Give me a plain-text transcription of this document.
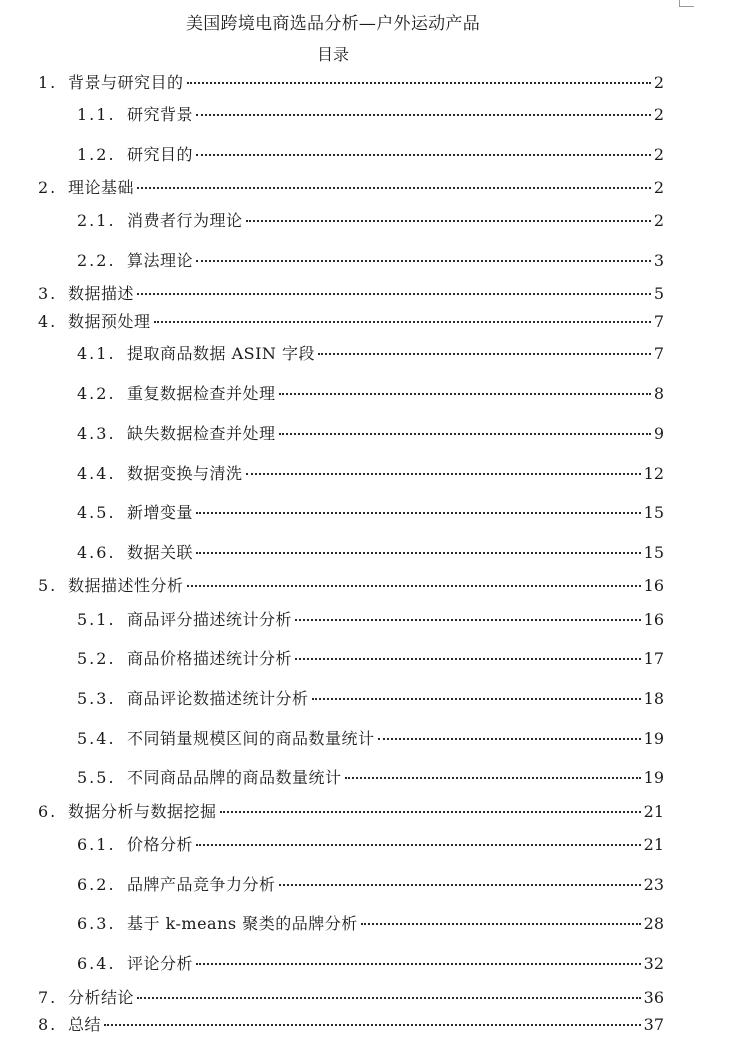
美国跨境电商选品分析—户外运动产品
目录
1. 背景与研究目的	2
1.1. 研究背景	2
1.2. 研究目的	2
2. 理论基础	2
2.1. 消费者行为理论	2
2.2. 算法理论	3
3. 数据描述	5
4. 数据预处理	7
4.1. 提取商品数据 ASIN 字段	7
4.2. 重复数据检查并处理	8
4.3. 缺失数据检查并处理	9
4.4. 数据变换与清洗	12
4.5. 新增变量	15
4.6. 数据关联	15
5. 数据描述性分析	16
5.1. 商品评分描述统计分析	16
5.2. 商品价格描述统计分析	17
5.3. 商品评论数描述统计分析	18
5.4. 不同销量规模区间的商品数量统计	19
5.5. 不同商品品牌的商品数量统计	19
6. 数据分析与数据挖掘	21
6.1. 价格分析	21
6.2. 品牌产品竞争力分析	23
6.3. 基于 k-means 聚类的品牌分析	28
6.4. 评论分析	32
7. 分析结论	36
8. 总结	37
